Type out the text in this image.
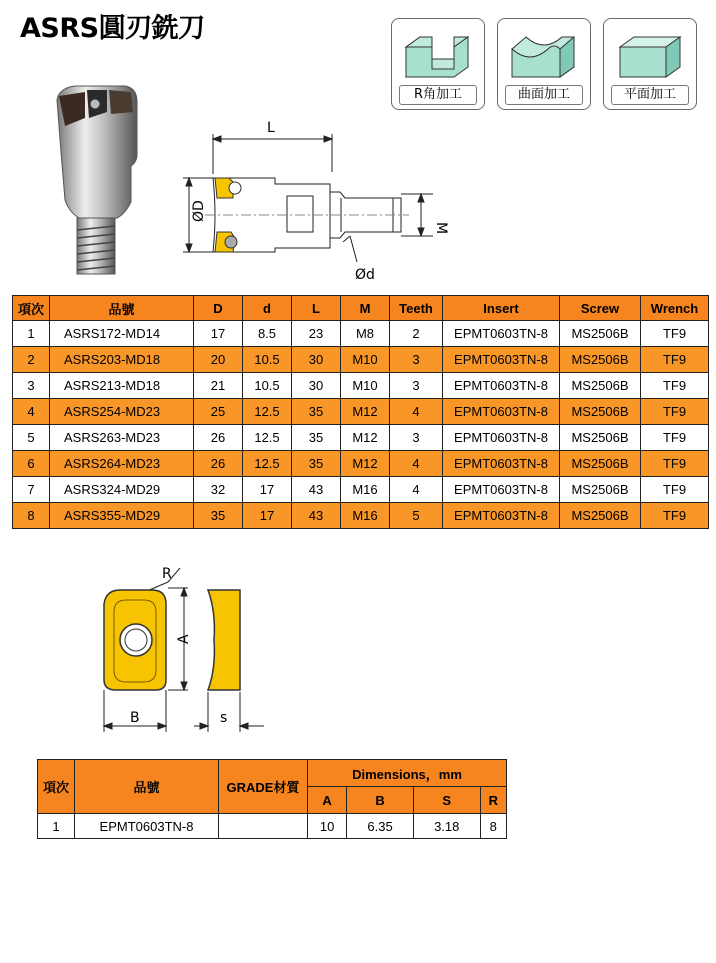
ASRS圓刃銑刀
R角加工	曲面加工	平面加工
L
ØD
M
Ød
項次	品號	D	d	L	M	Teeth	Insert	Screw	Wrench
1	ASRS172-MD14	17	8.5	23	M8	2	EPMT0603TN-8	MS2506B	TF9
2	ASRS203-MD18	20	10.5	30	M10	3	EPMT0603TN-8	MS2506B	TF9
3	ASRS213-MD18	21	10.5	30	M10	3	EPMT0603TN-8	MS2506B	TF9
4	ASRS254-MD23	25	12.5	35	M12	4	EPMT0603TN-8	MS2506B	TF9
5	ASRS263-MD23	26	12.5	35	M12	3	EPMT0603TN-8	MS2506B	TF9
6	ASRS264-MD23	26	12.5	35	M12	4	EPMT0603TN-8	MS2506B	TF9
7	ASRS324-MD29	32	17	43	M16	4	EPMT0603TN-8	MS2506B	TF9
8	ASRS355-MD29	35	17	43	M16	5	EPMT0603TN-8	MS2506B	TF9
R
A
B	s
項次	品號	GRADE材質	Dimensions，mm			
			A	B	S	R
1	EPMT0603TN-8		10	6.35	3.18	8
